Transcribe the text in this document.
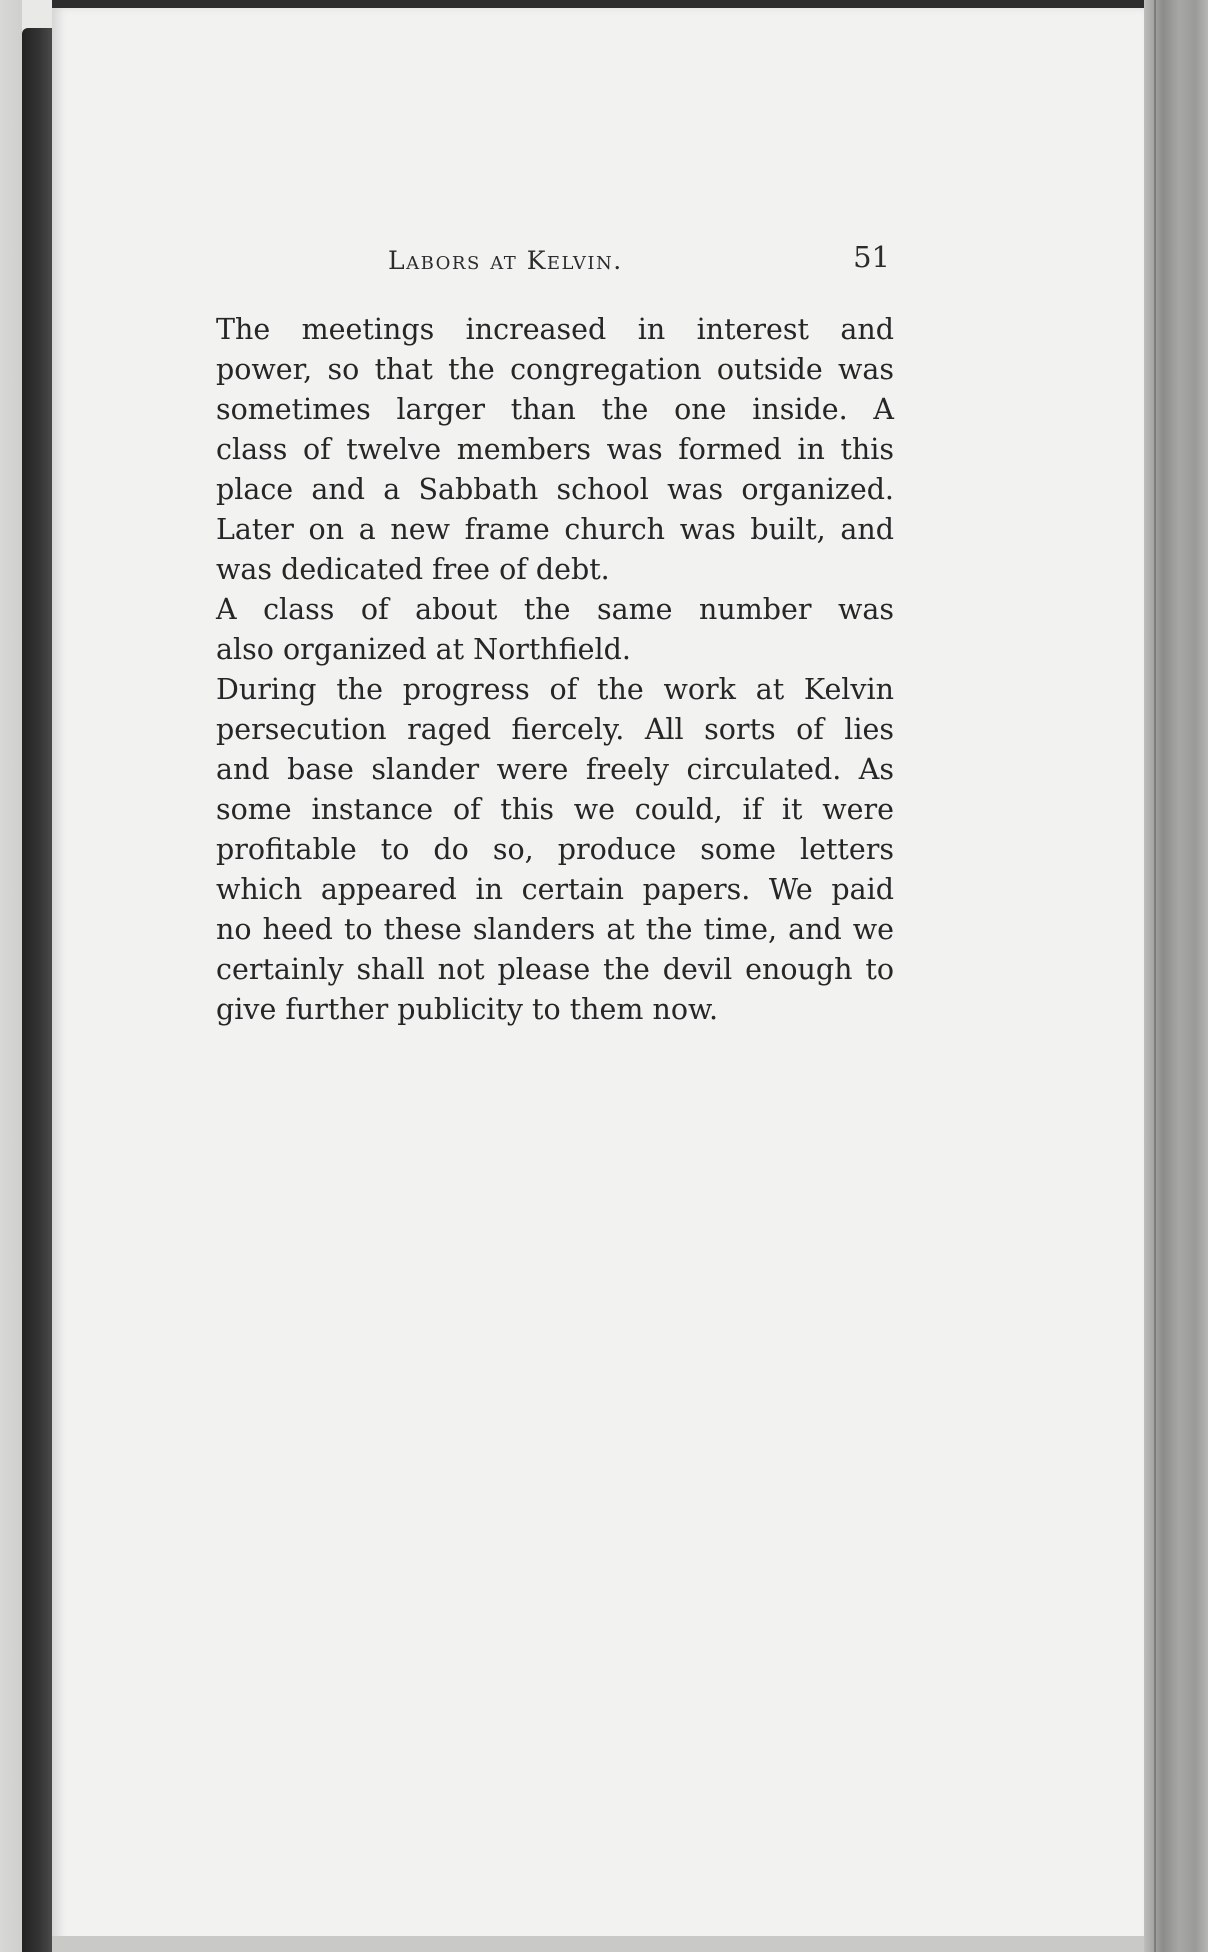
Labors at Kelvin.	51

The meetings increased in interest and
power, so that the congregation outside was
sometimes larger than the one inside. A
class of twelve members was formed in this
place and a Sabbath school was organized.
Later on a new frame church was built, and
was dedicated free of debt.

A class of about the same number was
also organized at Northfield.

During the progress of the work at Kelvin
persecution raged fiercely. All sorts of lies
and base slander were freely circulated. As
some instance of this we could, if it were
profitable to do so, produce some letters
which appeared in certain papers. We paid
no heed to these slanders at the time, and we
certainly shall not please the devil enough to
give further publicity to them now.
